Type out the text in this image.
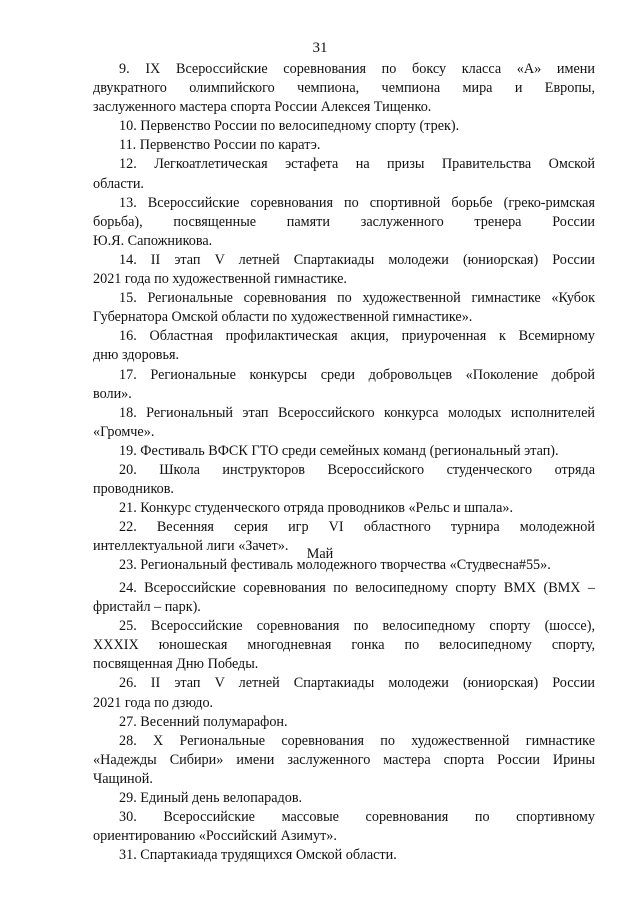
31
9. IX Всероссийские соревнования по боксу класса «А» имени
двукратного олимпийского чемпиона, чемпиона мира и Европы,
заслуженного мастера спорта России Алексея Тищенко.
10. Первенство России по велосипедному спорту (трек).
11. Первенство России по каратэ.
12. Легкоатлетическая эстафета на призы Правительства Омской
области.
13. Всероссийские соревнования по спортивной борьбе (греко-римская
борьба), посвященные памяти заслуженного тренера России
Ю.Я. Сапожникова.
14. II этап V летней Спартакиады молодежи (юниорская) России
2021 года по художественной гимнастике.
15. Региональные соревнования по художественной гимнастике «Кубок
Губернатора Омской области по художественной гимнастике».
16. Областная профилактическая акция, приуроченная к Всемирному
дню здоровья.
17. Региональные конкурсы среди добровольцев «Поколение доброй
воли».
18. Региональный этап Всероссийского конкурса молодых исполнителей
«Громче».
19. Фестиваль ВФСК ГТО среди семейных команд (региональный этап).
20. Школа инструкторов Всероссийского студенческого отряда
проводников.
21. Конкурс студенческого отряда проводников «Рельс и шпала».
22. Весенняя серия игр VI областного турнира молодежной
интеллектуальной лиги «Зачет».
23. Региональный фестиваль молодежного творчества «Студвесна#55».
Май
24. Всероссийские соревнования по велосипедному спорту BMX (BMX –
фристайл – парк).
25. Всероссийские соревнования по велосипедному спорту (шоссе),
XXXIX юношеская многодневная гонка по велосипедному спорту,
посвященная Дню Победы.
26. II этап V летней Спартакиады молодежи (юниорская) России
2021 года по дзюдо.
27. Весенний полумарафон.
28. X Региональные соревнования по художественной гимнастике
«Надежды Сибири» имени заслуженного мастера спорта России Ирины
Чащиной.
29. Единый день велопарадов.
30. Всероссийские массовые соревнования по спортивному
ориентированию «Российский Азимут».
31. Спартакиада трудящихся Омской области.
